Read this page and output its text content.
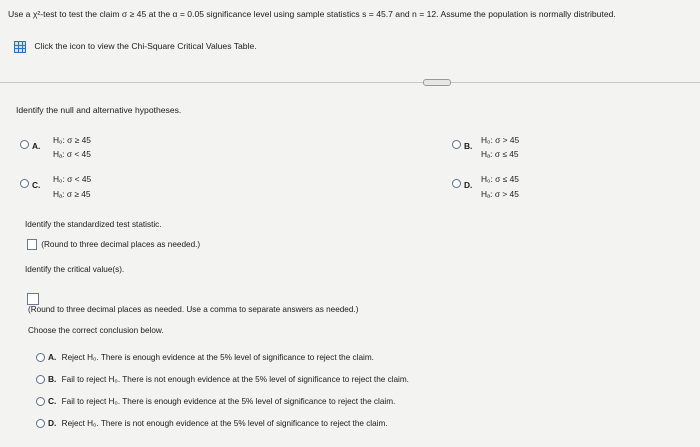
Use a χ²-test to test the claim σ ≥ 45 at the α = 0.05 significance level using sample statistics s = 45.7 and n = 12. Assume the population is normally distributed.
Click the icon to view the Chi-Square Critical Values Table.
Identify the null and alternative hypotheses.
A.
H₀: σ ≥ 45
Hₐ: σ < 45
C.
H₀: σ < 45
Hₐ: σ ≥ 45
B.
H₀: σ > 45
Hₐ: σ ≤ 45
D.
H₀: σ ≤ 45
Hₐ: σ > 45
Identify the standardized test statistic.
(Round to three decimal places as needed.)
Identify the critical value(s).
(Round to three decimal places as needed. Use a comma to separate answers as needed.)
Choose the correct conclusion below.
A. Reject H₀. There is enough evidence at the 5% level of significance to reject the claim.
B. Fail to reject H₀. There is not enough evidence at the 5% level of significance to reject the claim.
C. Fail to reject H₀. There is enough evidence at the 5% level of significance to reject the claim.
D. Reject H₀. There is not enough evidence at the 5% level of significance to reject the claim.
